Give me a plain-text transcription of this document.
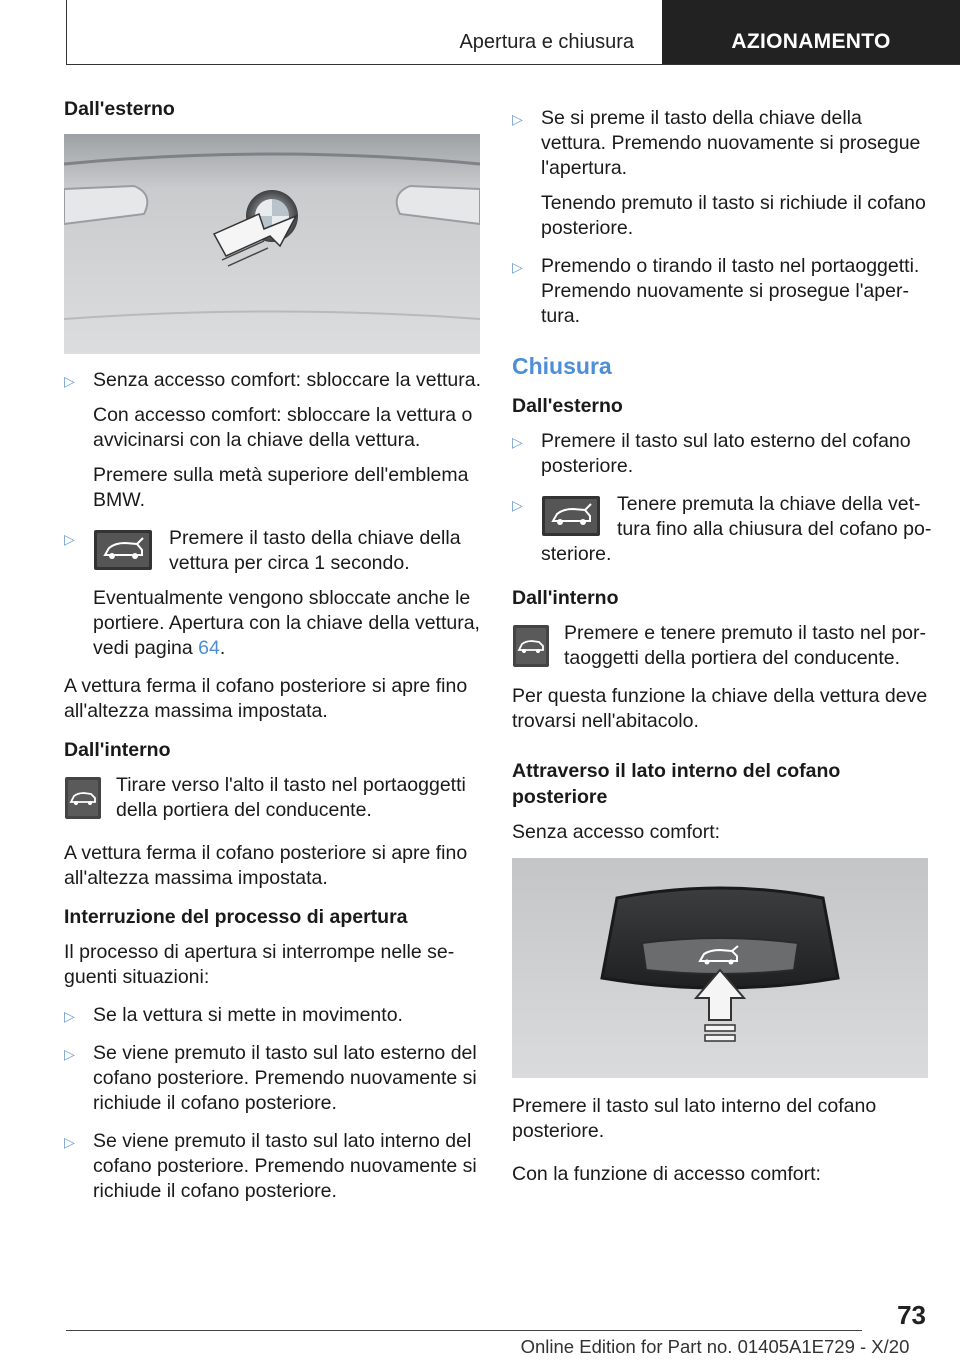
Apertura e chiusura	AZIONAMENTO
Dall'esterno
▷ Senza accesso comfort: sbloccare la vettura.
Con accesso comfort: sbloccare la vettura o avvicinarsi con la chiave della vettura.
Premere sulla metà superiore dell'emblema BMW.
▷	Premere il tasto della chiave della vettura per circa 1 secondo.
Eventualmente vengono sbloccate anche le portiere. Apertura con la chiave della vettura, vedi pagina 64.
A vettura ferma il cofano posteriore si apre fino all'altezza massima impostata.
Dall'interno
Tirare verso l'alto il tasto nel portaoggetti della portiera del conducente.
A vettura ferma il cofano posteriore si apre fino all'altezza massima impostata.
Interruzione del processo di apertura
Il processo di apertura si interrompe nelle seguenti situazioni:
▷ Se la vettura si mette in movimento.
▷ Se viene premuto il tasto sul lato esterno del cofano posteriore. Premendo nuovamente si richiude il cofano posteriore.
▷ Se viene premuto il tasto sul lato interno del cofano posteriore. Premendo nuovamente si richiude il cofano posteriore.
▷ Se si preme il tasto della chiave della vettura. Premendo nuovamente si prosegue l'apertura.
Tenendo premuto il tasto si richiude il cofano posteriore.
▷ Premendo o tirando il tasto nel portaoggetti. Premendo nuovamente si prosegue l'apertura.
Chiusura
Dall'esterno
▷ Premere il tasto sul lato esterno del cofano posteriore.
▷	Tenere premuta la chiave della vettura fino alla chiusura del cofano posteriore.
Dall'interno
Premere e tenere premuto il tasto nel portaoggetti della portiera del conducente.
Per questa funzione la chiave della vettura deve trovarsi nell'abitacolo.
Attraverso il lato interno del cofano posteriore
Senza accesso comfort:
Premere il tasto sul lato interno del cofano posteriore.
Con la funzione di accesso comfort:
73
Online Edition for Part no. 01405A1E729 - X/20
